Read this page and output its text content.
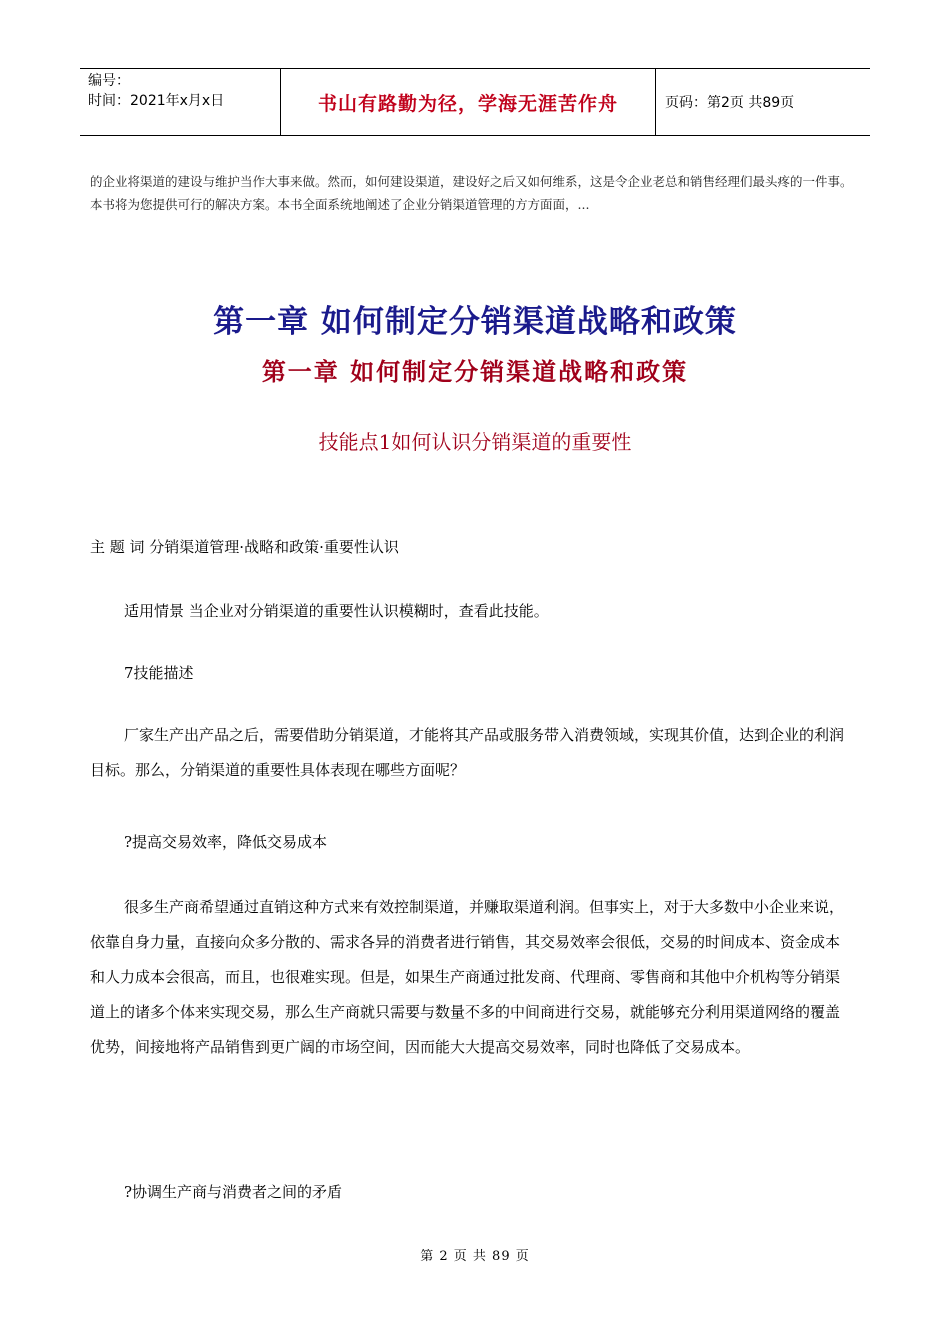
编号：
时间：2021年x月x日	书山有路勤为径，学海无涯苦作舟	页码：第2页 共89页
的企业将渠道的建设与维护当作大事来做。然而，如何建设渠道，建设好之后又如何维系，这是令企业老总和销售经理们最头疼的一件事。本书将为您提供可行的解决方案。本书全面系统地阐述了企业分销渠道管理的方方面面，...
第一章 如何制定分销渠道战略和政策
第一章 如何制定分销渠道战略和政策
技能点1如何认识分销渠道的重要性
主 题 词 分销渠道管理·战略和政策·重要性认识
适用情景 当企业对分销渠道的重要性认识模糊时，查看此技能。
7技能描述
厂家生产出产品之后，需要借助分销渠道，才能将其产品或服务带入消费领域，实现其价值，达到企业的利润目标。那么，分销渠道的重要性具体表现在哪些方面呢？
?提高交易效率，降低交易成本
很多生产商希望通过直销这种方式来有效控制渠道，并赚取渠道利润。但事实上，对于大多数中小企业来说，依靠自身力量，直接向众多分散的、需求各异的消费者进行销售，其交易效率会很低，交易的时间成本、资金成本和人力成本会很高，而且，也很难实现。但是，如果生产商通过批发商、代理商、零售商和其他中介机构等分销渠道上的诸多个体来实现交易，那么生产商就只需要与数量不多的中间商进行交易，就能够充分利用渠道网络的覆盖优势，间接地将产品销售到更广阔的市场空间，因而能大大提高交易效率，同时也降低了交易成本。
?协调生产商与消费者之间的矛盾
第 2 页 共 89 页
